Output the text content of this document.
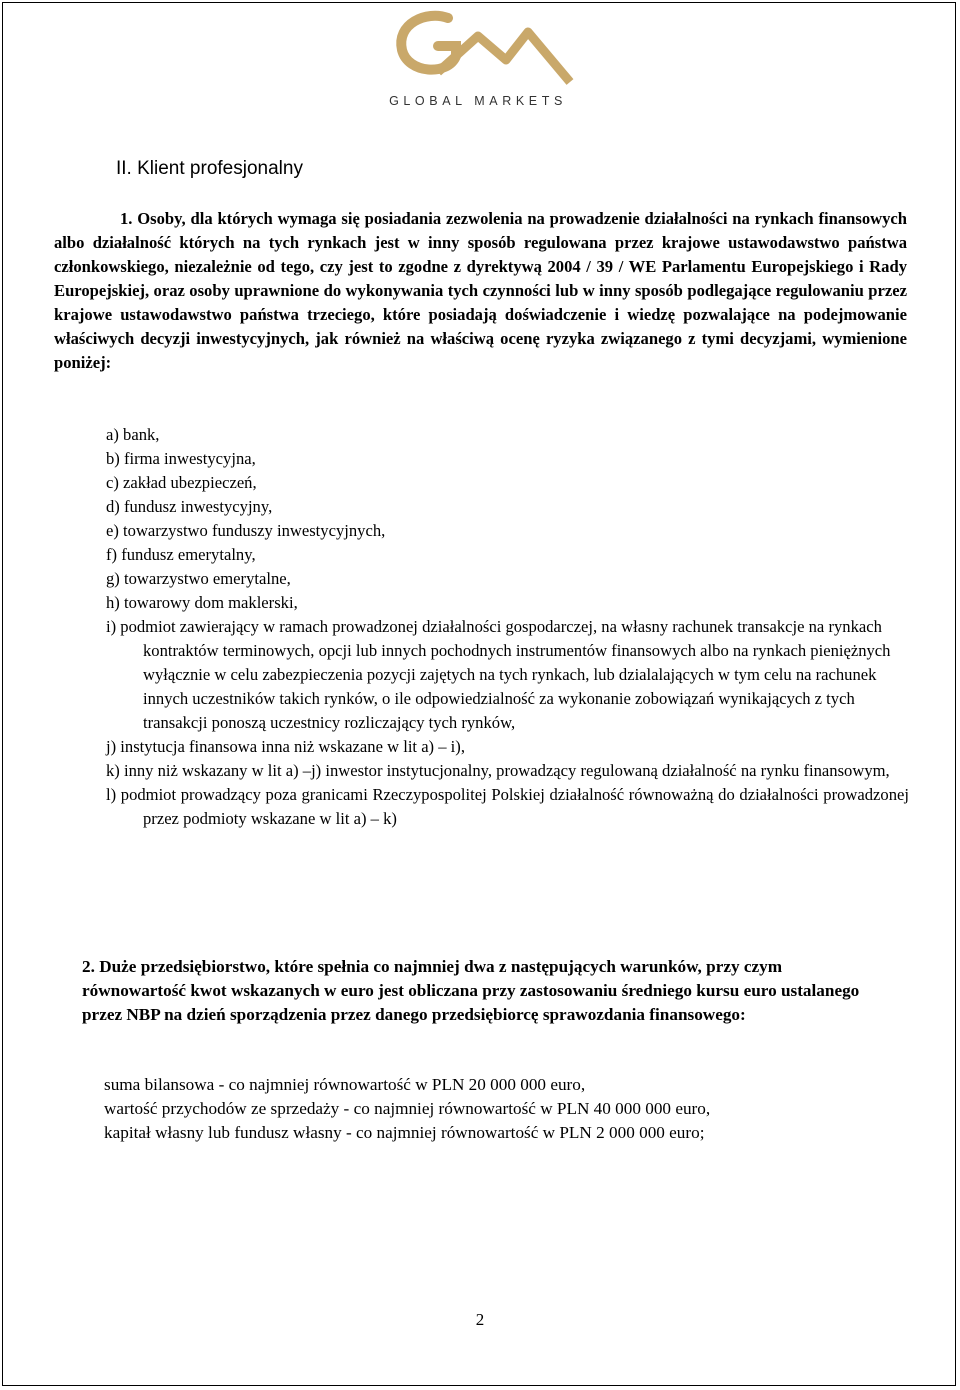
GLOBAL MARKETS
II. Klient profesjonalny

1. Osoby, dla których wymaga się posiadania zezwolenia na prowadzenie działalności na rynkach finansowych albo działalność których na tych rynkach jest w inny sposób regulowana przez krajowe ustawodawstwo państwa członkowskiego, niezależnie od tego, czy jest to zgodne z dyrektywą 2004 / 39 / WE Parlamentu Europejskiego i Rady Europejskiej, oraz osoby uprawnione do wykonywania tych czynności lub w inny sposób podlegające regulowaniu przez krajowe ustawodawstwo państwa trzeciego, które posiadają doświadczenie i wiedzę pozwalające na podejmowanie właściwych decyzji inwestycyjnych, jak również na właściwą ocenę ryzyka związanego z tymi decyzjami, wymienione poniżej:

a) bank,
b) firma inwestycyjna,
c) zakład ubezpieczeń,
d) fundusz inwestycyjny,
e) towarzystwo funduszy inwestycyjnych,
f) fundusz emerytalny,
g) towarzystwo emerytalne,
h) towarowy dom maklerski,
i) podmiot zawierający w ramach prowadzonej działalności gospodarczej, na własny rachunek transakcje na rynkach kontraktów terminowych, opcji lub innych pochodnych instrumentów finansowych albo na rynkach pieniężnych wyłącznie w celu zabezpieczenia pozycji zajętych na tych rynkach, lub dzialalających w tym celu na rachunek innych uczestników takich rynków, o ile odpowiedzialność za wykonanie zobowiązań wynikających z tych transakcji ponoszą uczestnicy rozliczający tych rynków,
j) instytucja finansowa inna niż wskazane w lit a) – i),
k) inny niż wskazany w lit a) –j) inwestor instytucjonalny, prowadzący regulowaną działalność na rynku finansowym,
l) podmiot prowadzący poza granicami Rzeczypospolitej Polskiej działalność równoważną do działalności prowadzonej przez podmioty wskazane w lit a) – k)

2. Duże przedsiębiorstwo, które spełnia co najmniej dwa z następujących warunków, przy czym równowartość kwot wskazanych w euro jest obliczana przy zastosowaniu średniego kursu euro ustalanego przez NBP na dzień sporządzenia przez danego przedsiębiorcę sprawozdania finansowego:

suma bilansowa - co najmniej równowartość w PLN 20 000 000 euro,
wartość przychodów ze sprzedaży - co najmniej równowartość w PLN 40 000 000 euro,
kapitał własny lub fundusz własny - co najmniej równowartość w PLN 2 000 000 euro;
2
